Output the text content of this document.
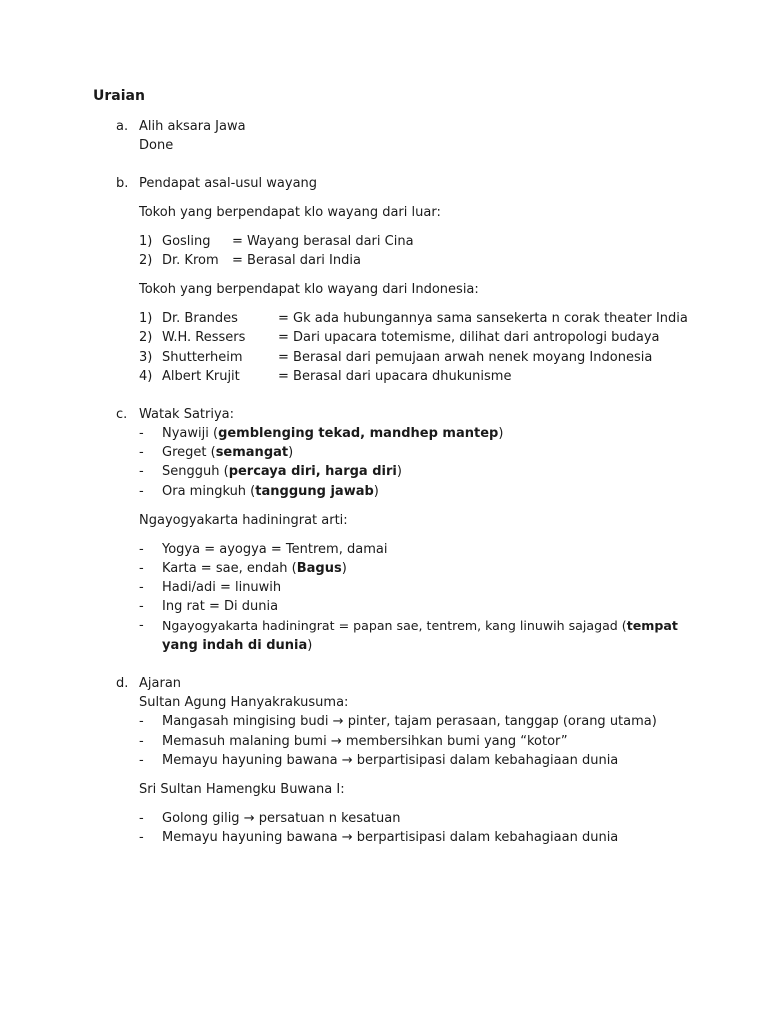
Uraian
a. Alih aksara Jawa
Done
b. Pendapat asal-usul wayang
Tokoh yang berpendapat klo wayang dari luar:
1) Gosling = Wayang berasal dari Cina
2) Dr. Krom = Berasal dari India
Tokoh yang berpendapat klo wayang dari Indonesia:
1) Dr. Brandes	= Gk ada hubungannya sama sansekerta n corak theater India
2) W.H. Ressers	= Dari upacara totemisme, dilihat dari antropologi budaya
3) Shutterheim	= Berasal dari pemujaan arwah nenek moyang Indonesia
4) Albert Krujit	= Berasal dari upacara dhukunisme
c. Watak Satriya:
- Nyawiji (gemblenging tekad, mandhep mantep)
- Greget (semangat)
- Sengguh (percaya diri, harga diri)
- Ora mingkuh (tanggung jawab)
Ngayogyakarta hadiningrat arti:
- Yogya = ayogya = Tentrem, damai
- Karta = sae, endah (Bagus)
- Hadi/adi = linuwih
- Ing rat = Di dunia
- Ngayogyakarta hadiningrat = papan sae, tentrem, kang linuwih sajagad (tempat
yang indah di dunia)
d. Ajaran
Sultan Agung Hanyakrakusuma:
- Mangasah mingising budi → pinter, tajam perasaan, tanggap (orang utama)
- Memasuh malaning bumi → membersihkan bumi yang “kotor”
- Memayu hayuning bawana → berpartisipasi dalam kebahagiaan dunia
Sri Sultan Hamengku Buwana I:
- Golong gilig → persatuan n kesatuan
- Memayu hayuning bawana → berpartisipasi dalam kebahagiaan dunia
